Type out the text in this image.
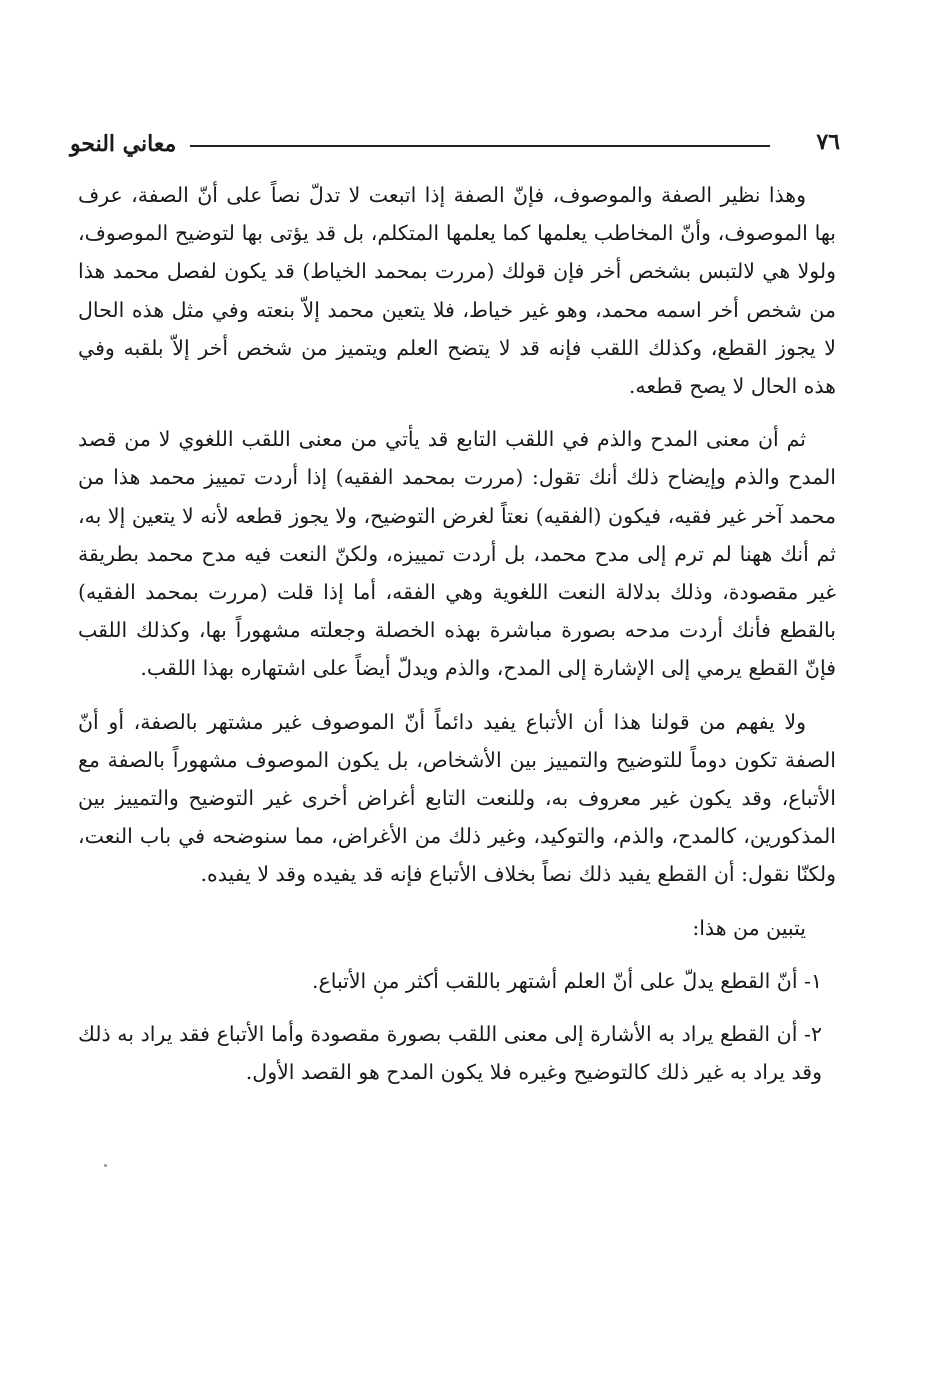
معاني النحو	٧٦

وهذا نظير الصفة والموصوف، فإنّ الصفة إذا اتبعت لا تدلّ نصاً على أنّ الصفة، عرف بها الموصوف، وأنّ المخاطب يعلمها كما يعلمها المتكلم، بل قد يؤتى بها لتوضيح الموصوف، ولولا هي لالتبس بشخص أخر فإن قولك (مررت بمحمد الخياط) قد يكون لفصل محمد هذا من شخص أخر اسمه محمد، وهو غير خياط، فلا يتعين محمد إلاّ بنعته وفي مثل هذه الحال لا يجوز القطع، وكذلك اللقب فإنه قد لا يتضح العلم ويتميز من شخص أخر إلاّ بلقبه وفي هذه الحال لا يصح قطعه.

ثم أن معنى المدح والذم في اللقب التابع قد يأتي من معنى اللقب اللغوي لا من قصد المدح والذم وإيضاح ذلك أنك تقول: (مررت بمحمد الفقيه) إذا أردت تمييز محمد هذا من محمد آخر غير فقيه، فيكون (الفقيه) نعتاً لغرض التوضيح، ولا يجوز قطعه لأنه لا يتعين إلا به، ثم أنك ههنا لم ترم إلى مدح محمد، بل أردت تمييزه، ولكنّ النعت فيه مدح محمد بطريقة غير مقصودة، وذلك بدلالة النعت اللغوية وهي الفقه، أما إذا قلت (مررت بمحمد الفقيه) بالقطع فأنك أردت مدحه بصورة مباشرة بهذه الخصلة وجعلته مشهوراً بها، وكذلك اللقب فإنّ القطع يرمي إلى الإشارة إلى المدح، والذم ويدلّ أيضاً على اشتهاره بهذا اللقب.

ولا يفهم من قولنا هذا أن الأتباع يفيد دائماً أنّ الموصوف غير مشتهر بالصفة، أو أنّ الصفة تكون دوماً للتوضيح والتمييز بين الأشخاص، بل يكون الموصوف مشهوراً بالصفة مع الأتباع، وقد يكون غير معروف به، وللنعت التابع أغراض أخرى غير التوضيح والتمييز بين المذكورين، كالمدح، والذم، والتوكيد، وغير ذلك من الأغراض، مما سنوضحه في باب النعت، ولكنّا نقول: أن القطع يفيد ذلك نصاً بخلاف الأتباع فإنه قد يفيده وقد لا يفيده.

يتبين من هذا:

١- أنّ القطع يدلّ على أنّ العلم أشتهر باللقب أكثر من الأتباع.

٢- أن القطع يراد به الأشارة إلى معنى اللقب بصورة مقصودة وأما الأتباع فقد يراد به ذلك وقد يراد به غير ذلك كالتوضيح وغيره فلا يكون المدح هو القصد الأول.
